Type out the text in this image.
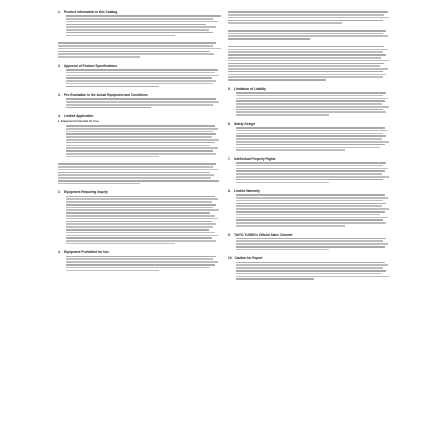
1.	Product information in this Catalog
2.	Approval of Product Specifications
3.	Pre-Evaluation in the Actual Equipment and Conditions
4.	Limited Application
1. Equipment Intended for Use
2.	Equipment Requiring Inquiry
3.	Equipment Prohibited for Use
5.	Limitation of Liability
6.	Safety Design
7.	Intellectual Property Rights
8.	Limited Warranty
9.	TAIYO YUDEN's Official Sales Channel
10. Caution for Export
